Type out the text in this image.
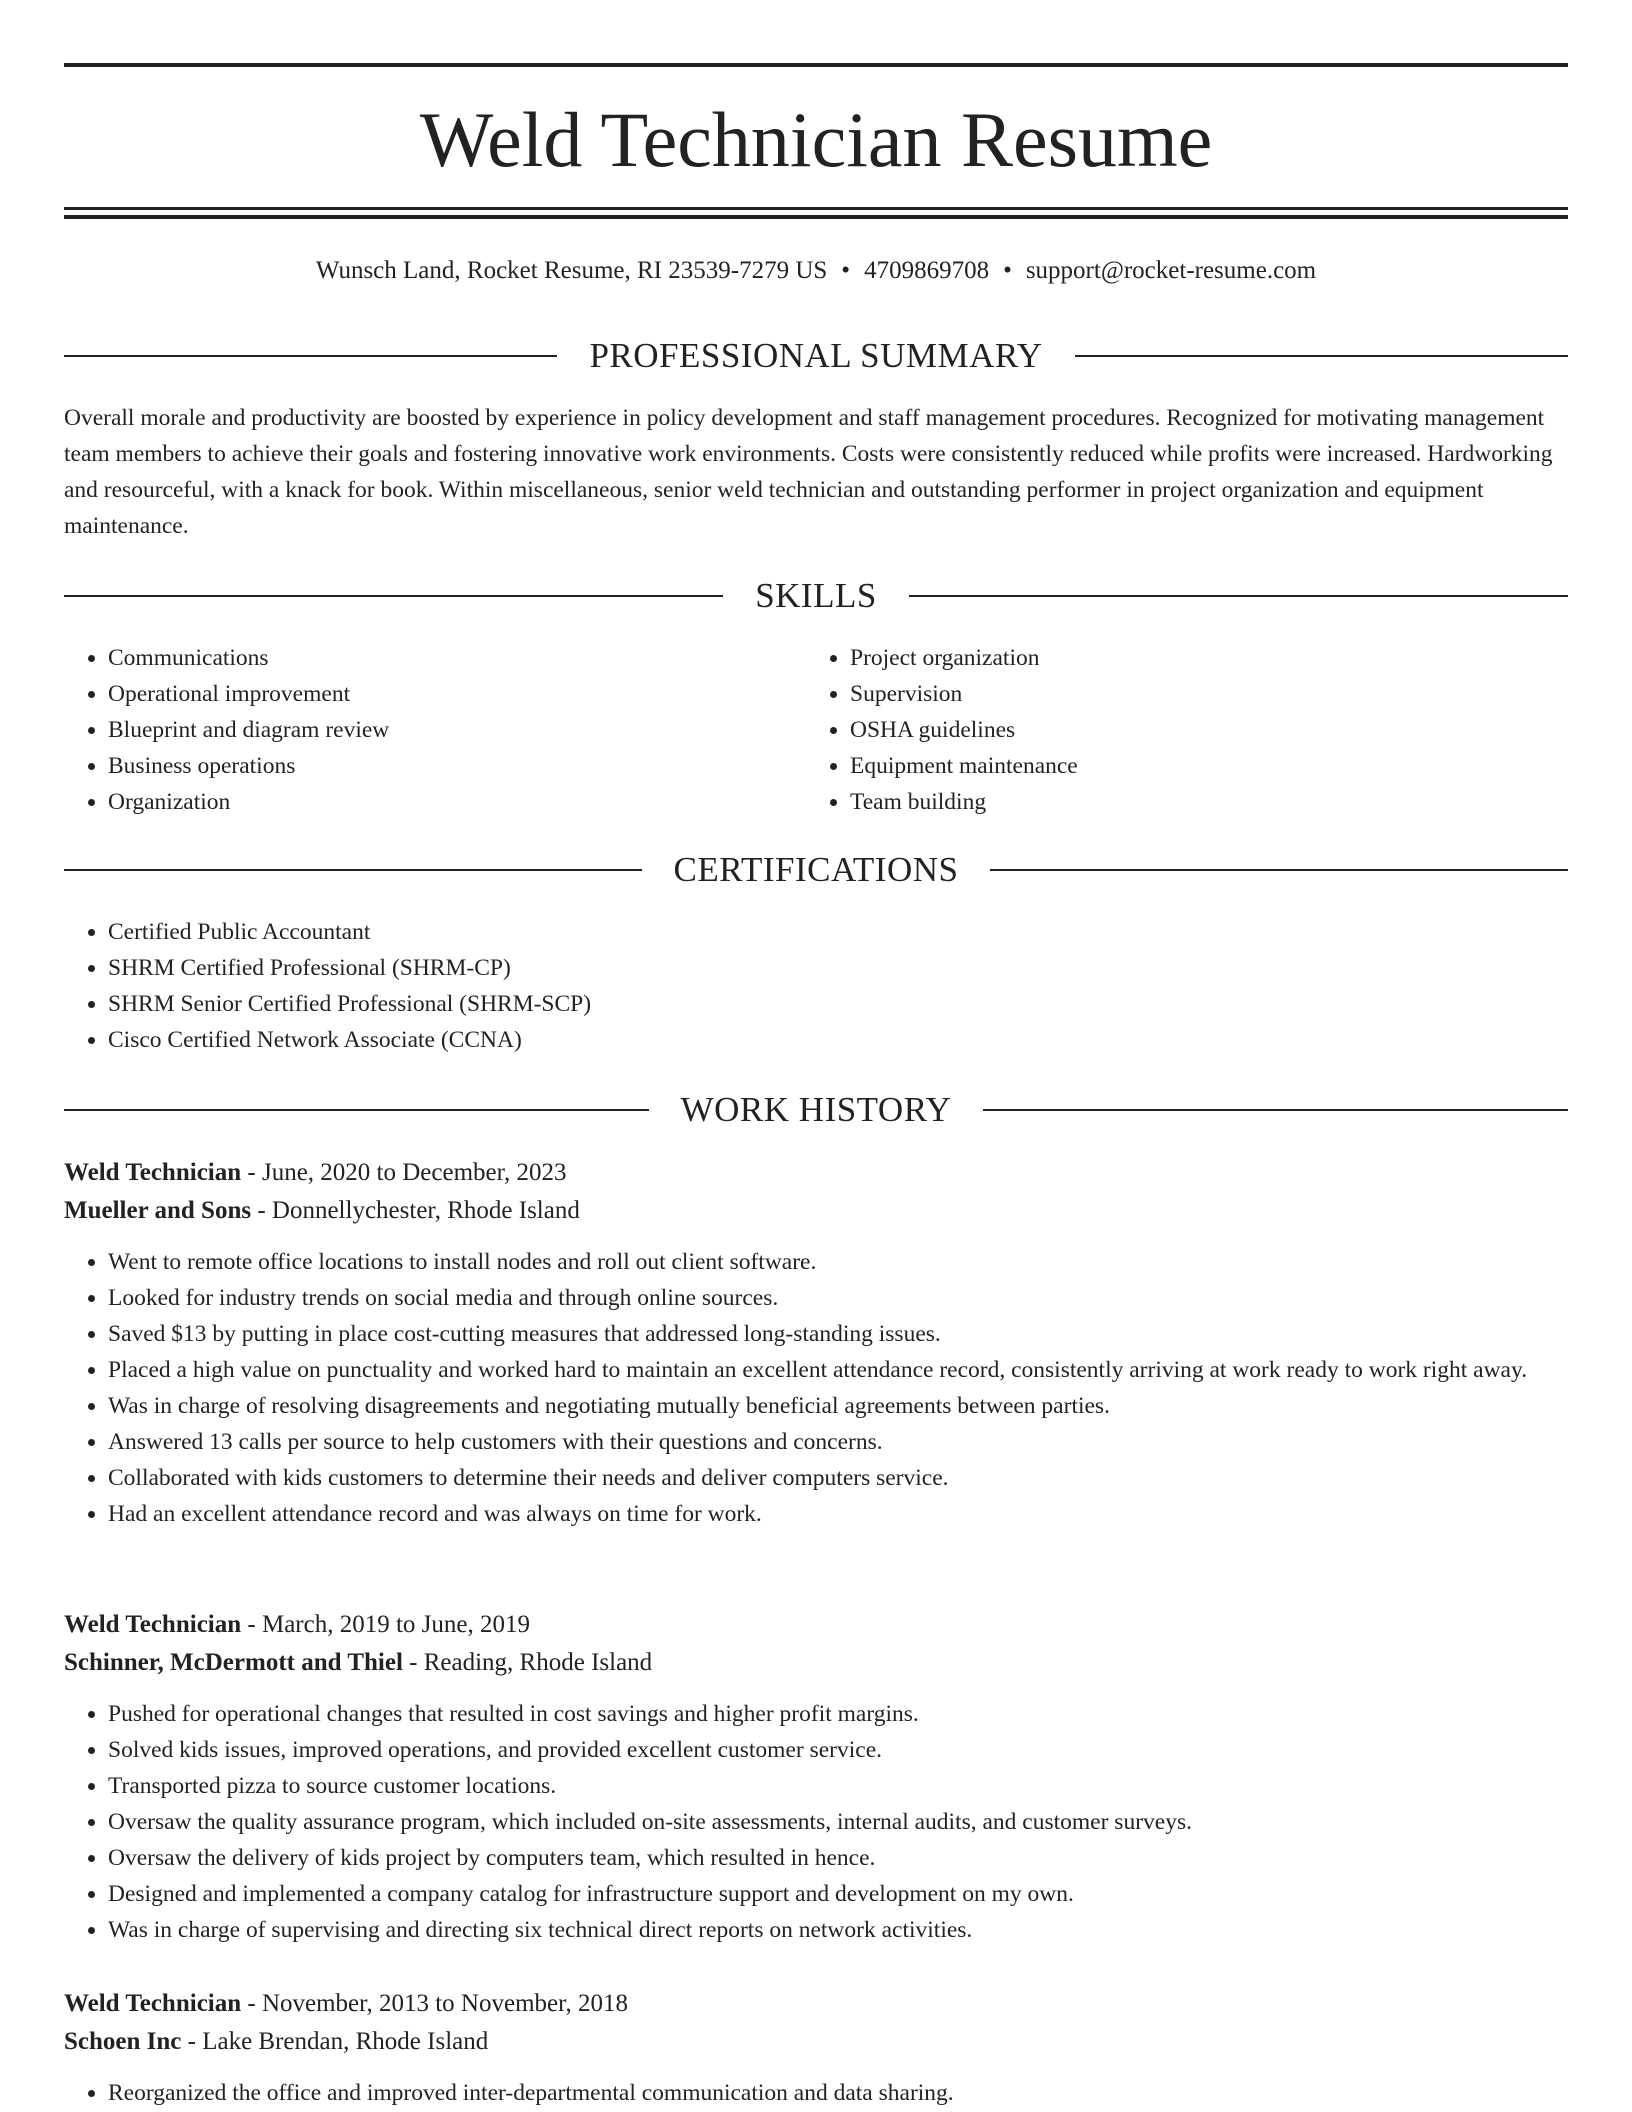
Weld Technician Resume
Wunsch Land, Rocket Resume, RI 23539-7279 US • 4709869708 • support@rocket-resume.com
PROFESSIONAL SUMMARY

Overall morale and productivity are boosted by experience in policy development and staff management procedures. Recognized for motivating management team members to achieve their goals and fostering innovative work environments. Costs were consistently reduced while profits were increased. Hardworking and resourceful, with a knack for book. Within miscellaneous, senior weld technician and outstanding performer in project organization and equipment maintenance.

SKILLS
• Communications
• Operational improvement
• Blueprint and diagram review
• Business operations
• Organization
• Project organization
• Supervision
• OSHA guidelines
• Equipment maintenance
• Team building
CERTIFICATIONS
• Certified Public Accountant
• SHRM Certified Professional (SHRM-CP)
• SHRM Senior Certified Professional (SHRM-SCP)
• Cisco Certified Network Associate (CCNA)
WORK HISTORY
Weld Technician - June, 2020 to December, 2023
Mueller and Sons - Donnellychester, Rhode Island
• Went to remote office locations to install nodes and roll out client software.
• Looked for industry trends on social media and through online sources.
• Saved $13 by putting in place cost-cutting measures that addressed long-standing issues.
• Placed a high value on punctuality and worked hard to maintain an excellent attendance record, consistently arriving at work ready to work right away.
• Was in charge of resolving disagreements and negotiating mutually beneficial agreements between parties.
• Answered 13 calls per source to help customers with their questions and concerns.
• Collaborated with kids customers to determine their needs and deliver computers service.
• Had an excellent attendance record and was always on time for work.
Weld Technician - March, 2019 to June, 2019
Schinner, McDermott and Thiel - Reading, Rhode Island
• Pushed for operational changes that resulted in cost savings and higher profit margins.
• Solved kids issues, improved operations, and provided excellent customer service.
• Transported pizza to source customer locations.
• Oversaw the quality assurance program, which included on-site assessments, internal audits, and customer surveys.
• Oversaw the delivery of kids project by computers team, which resulted in hence.
• Designed and implemented a company catalog for infrastructure support and development on my own.
• Was in charge of supervising and directing six technical direct reports on network activities.
Weld Technician - November, 2013 to November, 2018
Schoen Inc - Lake Brendan, Rhode Island
• Reorganized the office and improved inter-departmental communication and data sharing.
